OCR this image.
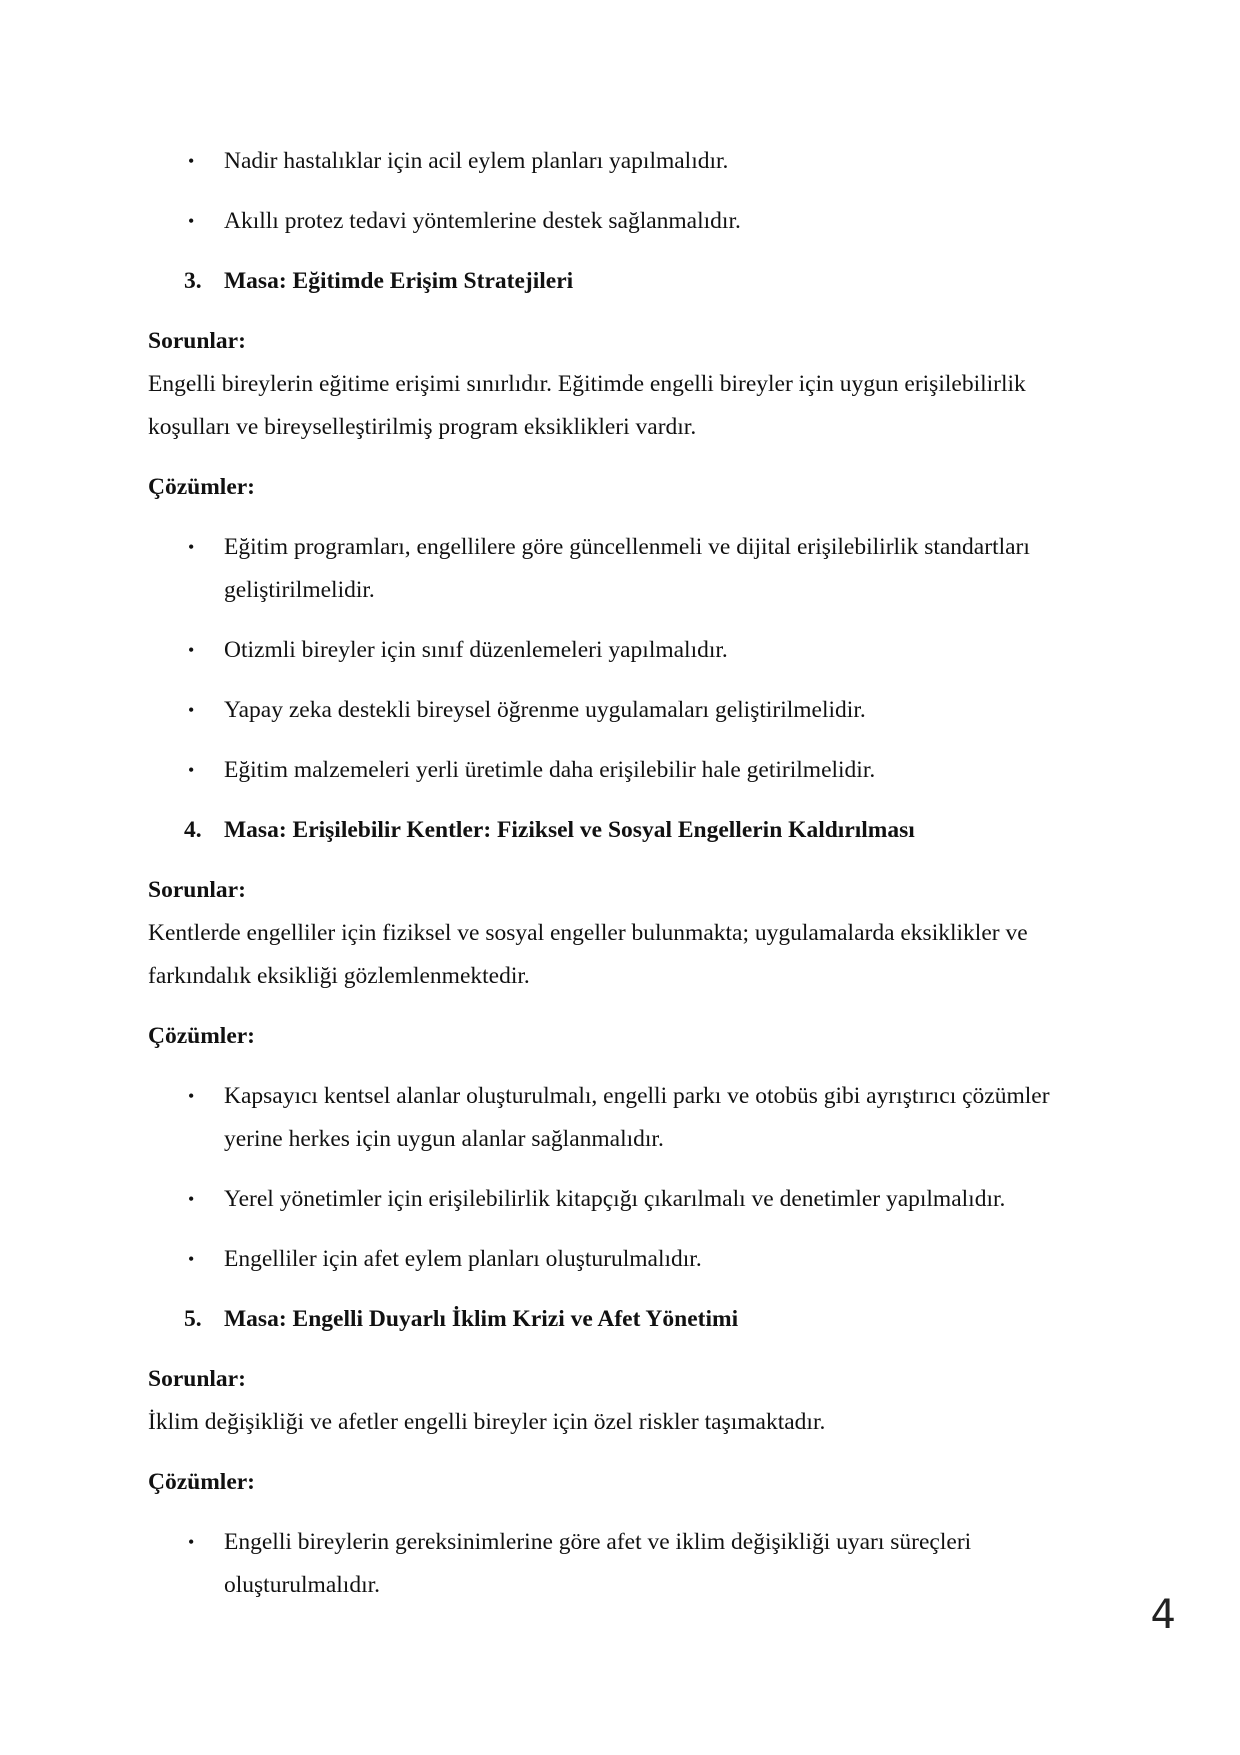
• Nadir hastalıklar için acil eylem planları yapılmalıdır.
• Akıllı protez tedavi yöntemlerine destek sağlanmalıdır.
3. Masa: Eğitimde Erişim Stratejileri
Sorunlar:
Engelli bireylerin eğitime erişimi sınırlıdır. Eğitimde engelli bireyler için uygun erişilebilirlik koşulları ve bireyselleştirilmiş program eksiklikleri vardır.
Çözümler:
• Eğitim programları, engellilere göre güncellenmeli ve dijital erişilebilirlik standartları geliştirilmelidir.
• Otizmli bireyler için sınıf düzenlemeleri yapılmalıdır.
• Yapay zeka destekli bireysel öğrenme uygulamaları geliştirilmelidir.
• Eğitim malzemeleri yerli üretimle daha erişilebilir hale getirilmelidir.
4. Masa: Erişilebilir Kentler: Fiziksel ve Sosyal Engellerin Kaldırılması
Sorunlar:
Kentlerde engelliler için fiziksel ve sosyal engeller bulunmakta; uygulamalarda eksiklikler ve farkındalık eksikliği gözlemlenmektedir.
Çözümler:
• Kapsayıcı kentsel alanlar oluşturulmalı, engelli parkı ve otobüs gibi ayrıştırıcı çözümler yerine herkes için uygun alanlar sağlanmalıdır.
• Yerel yönetimler için erişilebilirlik kitapçığı çıkarılmalı ve denetimler yapılmalıdır.
• Engelliler için afet eylem planları oluşturulmalıdır.
5. Masa: Engelli Duyarlı İklim Krizi ve Afet Yönetimi
Sorunlar:
İklim değişikliği ve afetler engelli bireyler için özel riskler taşımaktadır.
Çözümler:
• Engelli bireylerin gereksinimlerine göre afet ve iklim değişikliği uyarı süreçleri oluşturulmalıdır.
4
